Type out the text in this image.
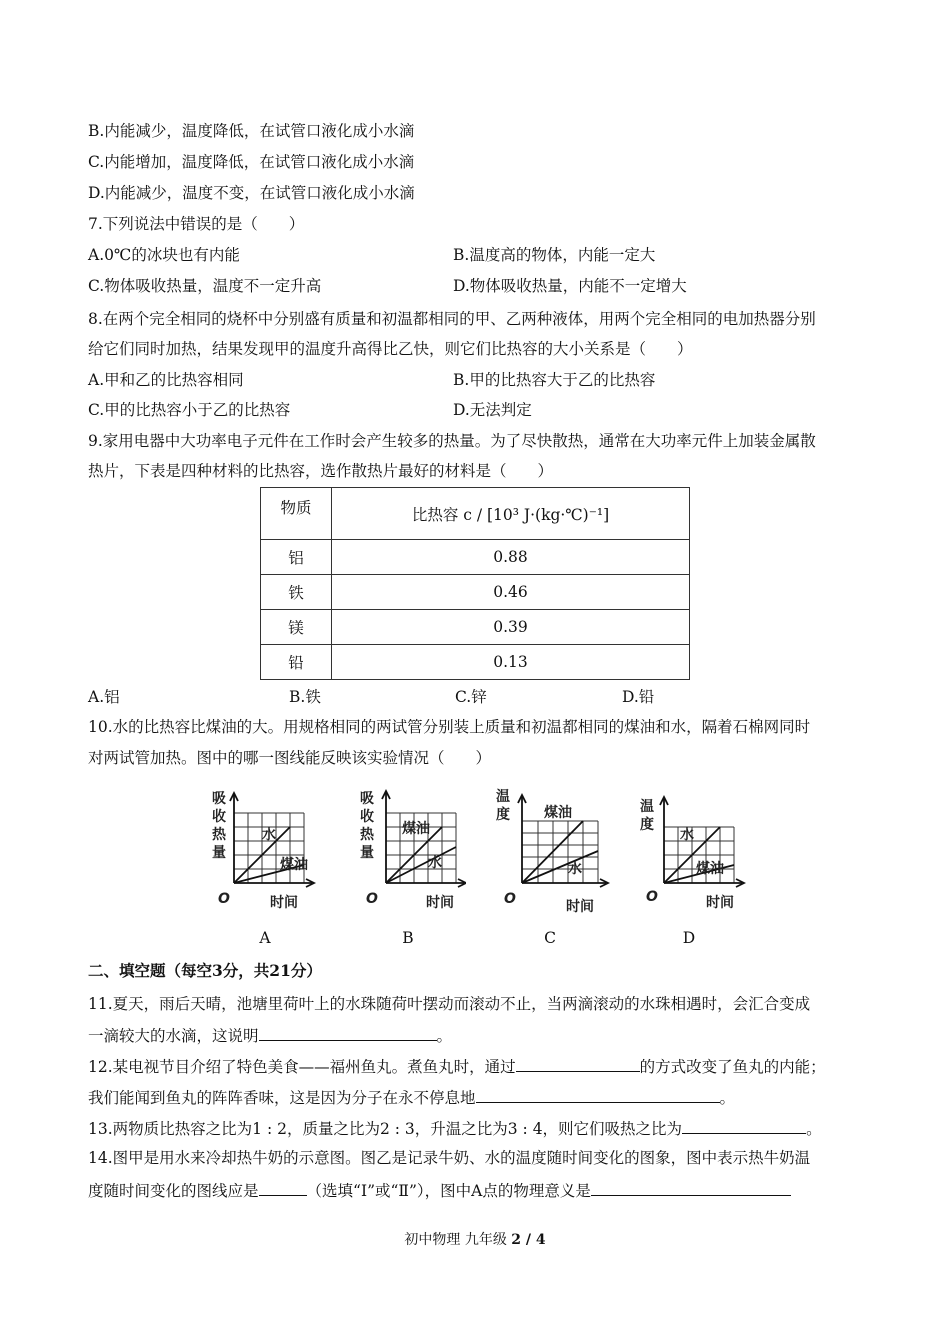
B.内能减少，温度降低，在试管口液化成小水滴
C.内能增加，温度降低，在试管口液化成小水滴
D.内能减少，温度不变，在试管口液化成小水滴
7.下列说法中错误的是（　　）
A.0℃的冰块也有内能	B.温度高的物体，内能一定大
C.物体吸收热量，温度不一定升高	D.物体吸收热量，内能不一定增大
8.在两个完全相同的烧杯中分别盛有质量和初温都相同的甲、乙两种液体，用两个完全相同的电加热器分别
给它们同时加热，结果发现甲的温度升高得比乙快，则它们比热容的大小关系是（　　）
A.甲和乙的比热容相同	B.甲的比热容大于乙的比热容
C.甲的比热容小于乙的比热容	D.无法判定
9.家用电器中大功率电子元件在工作时会产生较多的热量。为了尽快散热，通常在大功率元件上加装金属散
热片，下表是四种材料的比热容，选作散热片最好的材料是（　　）
物质	比热容 c / [10³ J·(kg·℃)⁻¹]
铝	0.88
铁	0.46
镁	0.39
铅	0.13
A.铝	B.铁	C.锌	D.铅
10.水的比热容比煤油的大。用规格相同的两试管分别装上质量和初温都相同的煤油和水，隔着石棉网同时
对两试管加热。图中的哪一图线能反映该实验情况（　　）
吸
收
热
量
O	时间
水
煤油
吸
收
热
量
O	时间
煤油
水
温
度
O	时间
煤油
水
温
度
O	时间
水
煤油
A	B	C	D
二、填空题（每空3分，共21分）
11.夏天，雨后天晴，池塘里荷叶上的水珠随荷叶摆动而滚动不止，当两滴滚动的水珠相遇时，会汇合变成
一滴较大的水滴，这说明	。
12.某电视节目介绍了特色美食——福州鱼丸。煮鱼丸时，通过	的方式改变了鱼丸的内能；
我们能闻到鱼丸的阵阵香味，这是因为分子在永不停息地	。
13.两物质比热容之比为1 : 2，质量之比为2 : 3，升温之比为3 : 4，则它们吸热之比为	。
14.图甲是用水来冷却热牛奶的示意图。图乙是记录牛奶、水的温度随时间变化的图象，图中表示热牛奶温
度随时间变化的图线应是	（选填“Ⅰ”或“Ⅱ”），图中A点的物理意义是
初中物理 九年级 2 / 4
